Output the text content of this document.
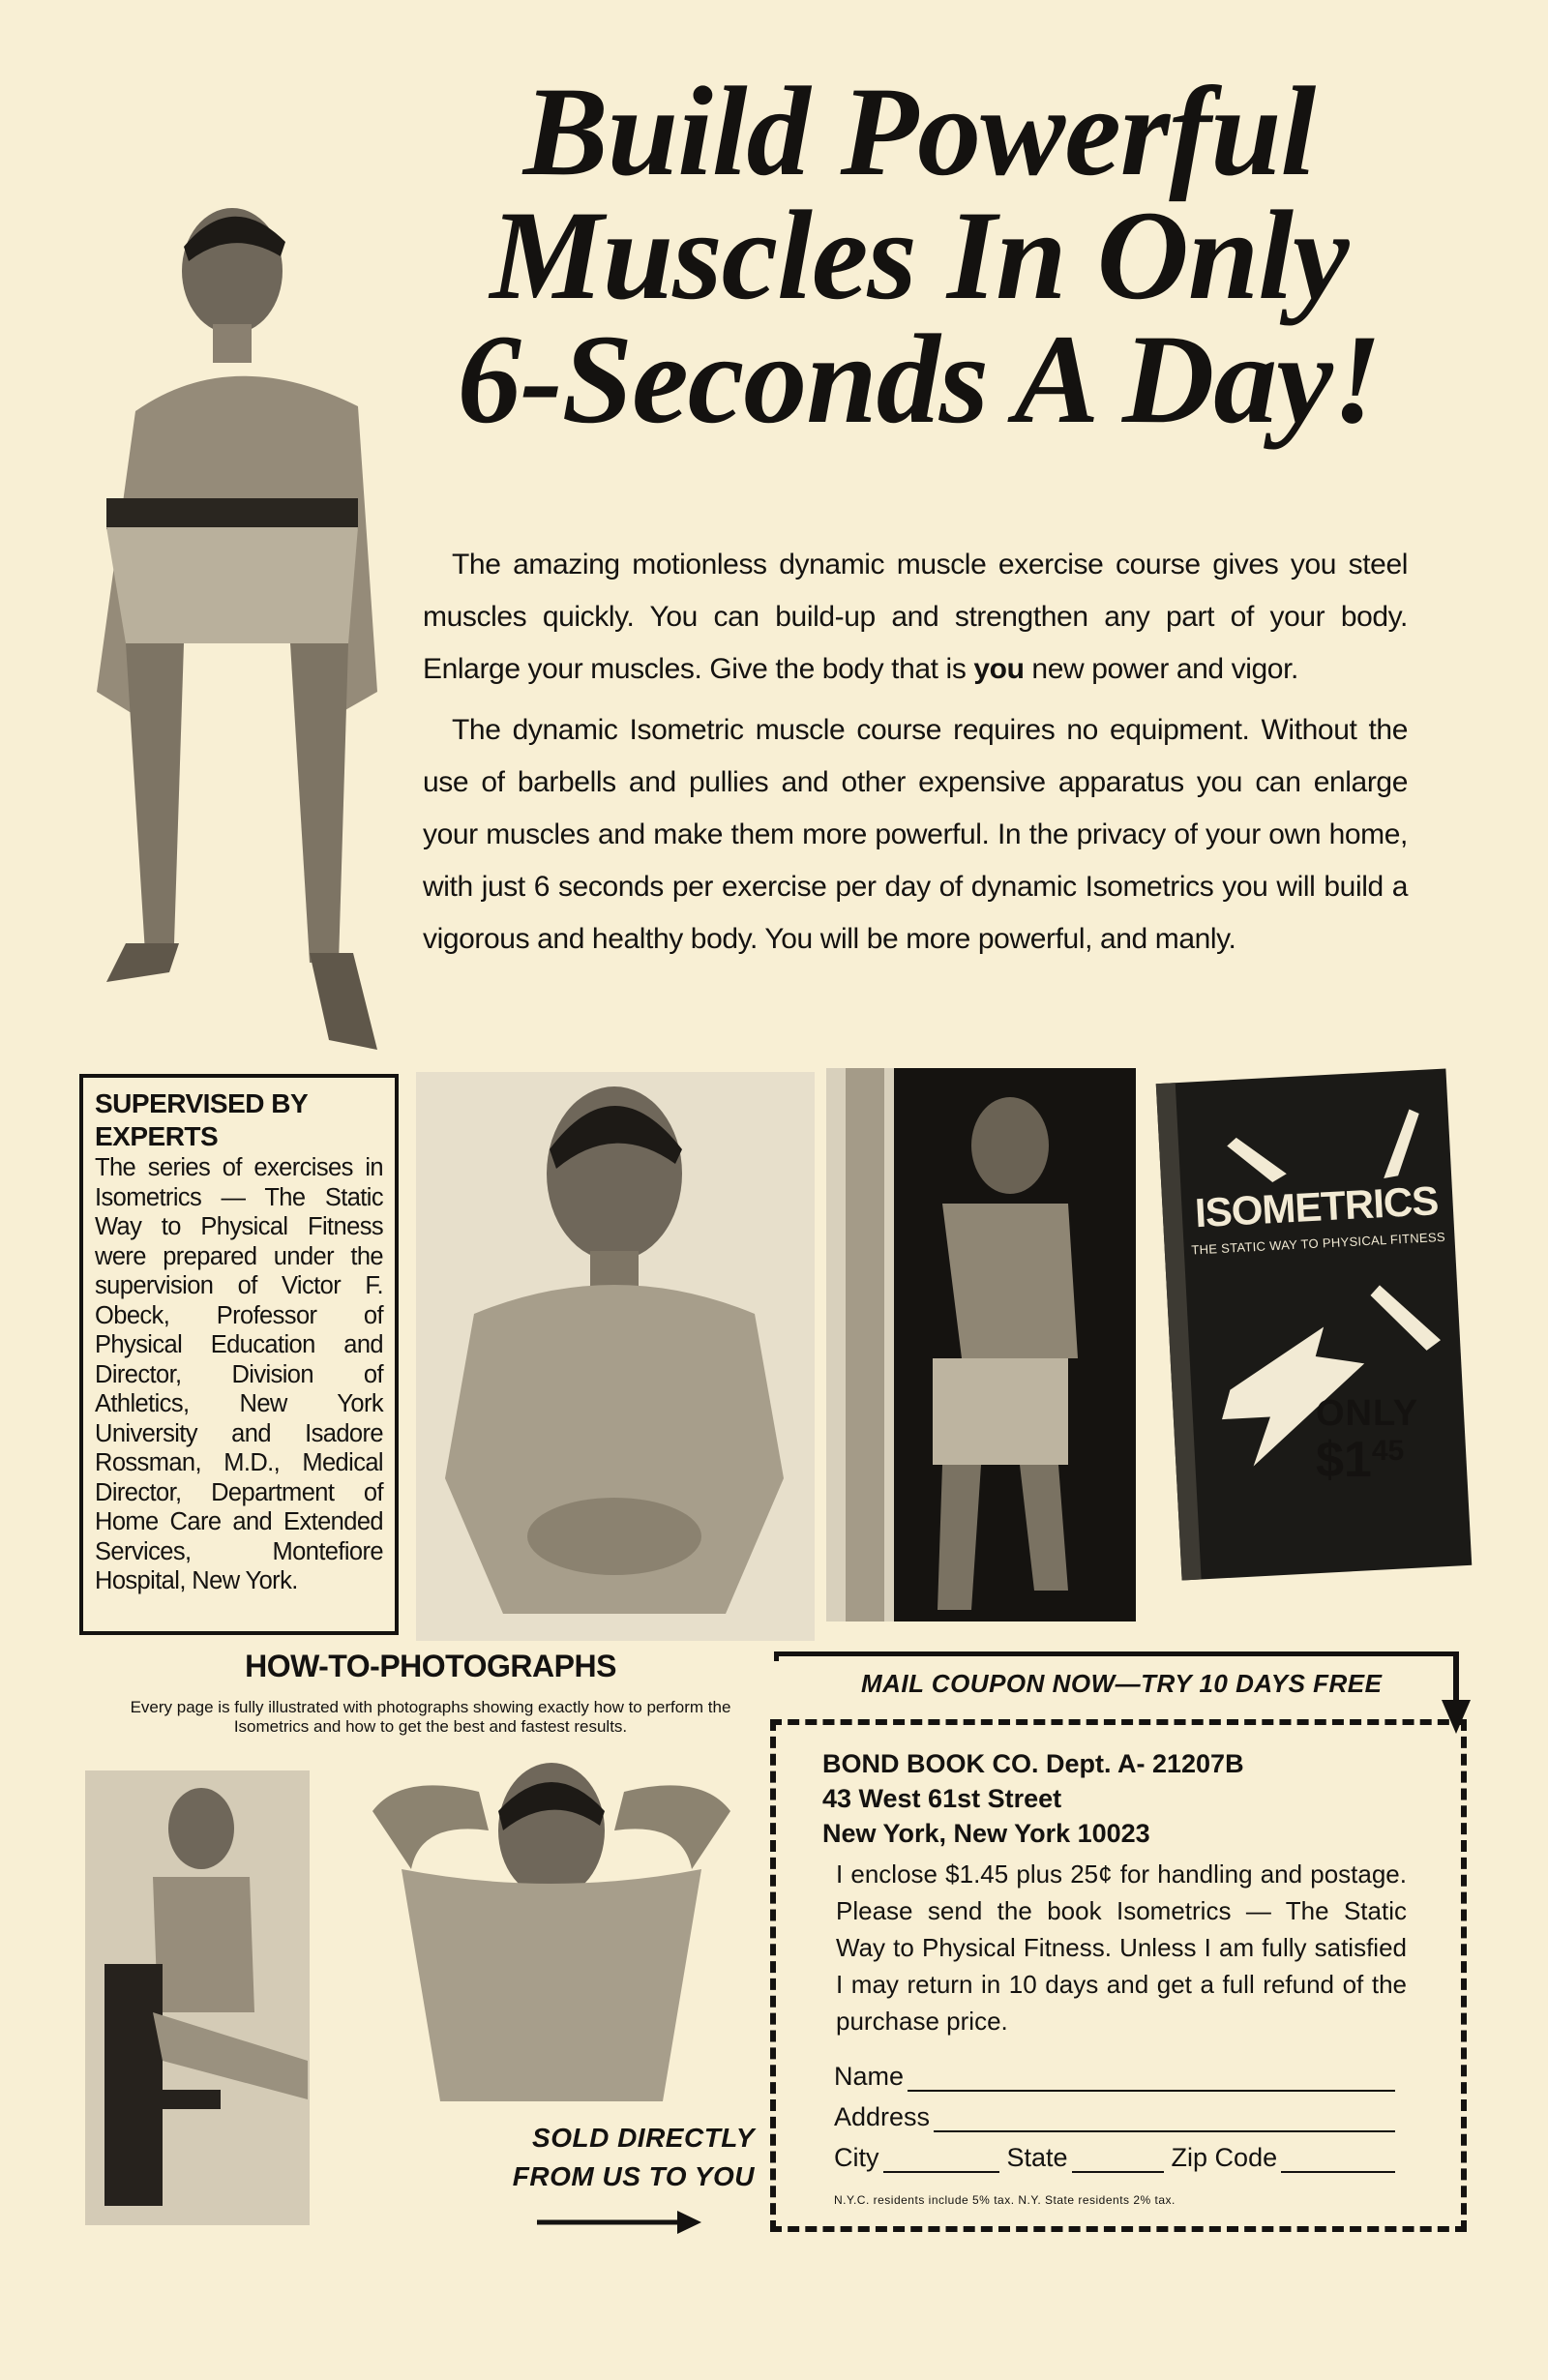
Build Powerful
Muscles In Only
6-Seconds A Day!
The amazing motionless dynamic muscle exercise course gives you steel muscles quickly. You can build-up and strengthen any part of your body. Enlarge your muscles. Give the body that is you new power and vigor.
The dynamic Isometric muscle course requires no equipment. Without the use of barbells and pullies and other expensive apparatus you can enlarge your muscles and make them more powerful. In the privacy of your own home, with just 6 seconds per exercise per day of dynamic Isometrics you will build a vigorous and healthy body. You will be more powerful, and manly.
SUPERVISED BY EXPERTS
The series of exercises in Isometrics — The Static Way to Physical Fitness were prepared under the supervision of Victor F. Obeck, Professor of Physical Education and Director, Division of Athletics, New York University and Isadore Rossman, M.D., Medical Director, Department of Home Care and Extended Services, Montefiore Hospital, New York.
ISOMETRICS
THE STATIC WAY TO PHYSICAL FITNESS
ONLY
$\$1^{45}$
HOW-TO-PHOTOGRAPHS
Every page is fully illustrated with photographs showing exactly how to perform the Isometrics and how to get the best and fastest results.
SOLD DIRECTLY
FROM US TO YOU
MAIL COUPON NOW—TRY 10 DAYS FREE
BOND BOOK CO. Dept. A- 21207B
43 West 61st Street
New York, New York 10023
I enclose $1.45 plus 25¢ for handling and postage. Please send the book Isometrics — The Static Way to Physical Fitness. Unless I am fully satisfied I may return in 10 days and get a full refund of the purchase price.
Name
Address
City	State	Zip Code
N.Y.C. residents include 5% tax. N.Y. State residents 2% tax.
